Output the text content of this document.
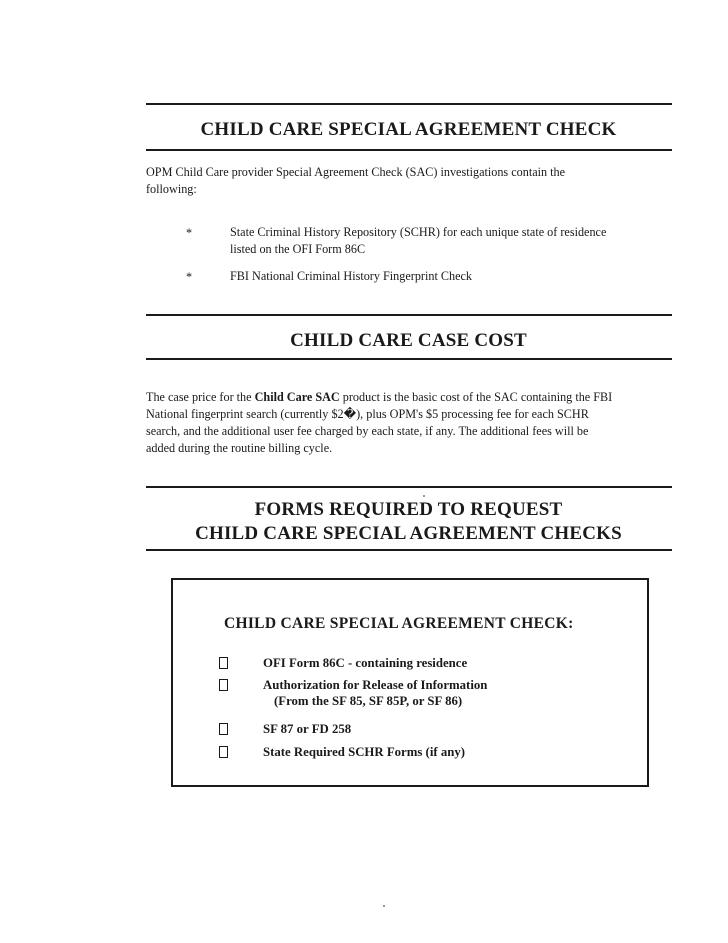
CHILD CARE SPECIAL AGREEMENT CHECK

OPM Child Care provider Special Agreement Check (SAC) investigations contain the
following:

*	State Criminal History Repository (SCHR) for each unique state of residence
listed on the OFI Form 86C
*	FBI National Criminal History Fingerprint Check
CHILD CARE CASE COST

The case price for the Child Care SAC product is the basic cost of the SAC containing the FBI
National fingerprint search (currently $2�), plus OPM's $5 processing fee for each SCHR
search, and the additional user fee charged by each state, if any. The additional fees will be
added during the routine billing cycle.

FORMS REQUIRED TO REQUEST
CHILD CARE SPECIAL AGREEMENT CHECKS
CHILD CARE SPECIAL AGREEMENT CHECK:
OFI Form 86C - containing residence
Authorization for Release of Information
(From the SF 85, SF 85P, or SF 86)
SF 87 or FD 258
State Required SCHR Forms (if any)
